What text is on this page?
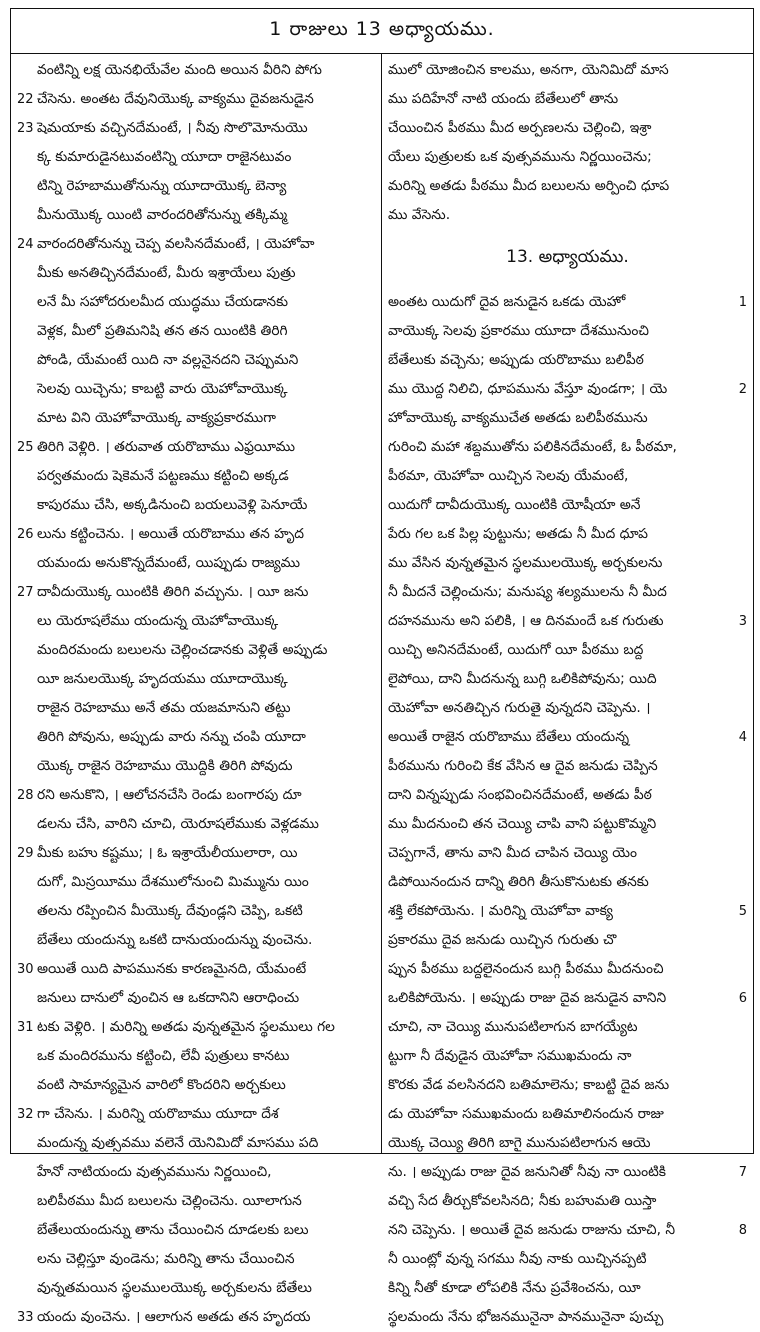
1 రాజులు 13 అధ్యాయము.
వంటిన్ని లక్ష యెనభియేవేల మంది అయిన వీరిని పోగు
22 చేసెను. అంతట దేవునియొక్క వాక్యము దైవజనుడైన
23 షెమయాకు వచ్చినదేమంటే, । నీవు సొలొమోనుయొ
క్క కుమారుడైనటువంటిన్ని యూదా రాజైనటువం
టిన్ని రెహబాముతోనున్ను యూదాయొక్క బెన్యా
మీనుయొక్క యింటి వారందరితోనున్ను తక్కిమ్మ
24 వారందరితోనున్ను చెప్ప వలసినదేమంటే, । యెహోవా
మీకు అనతిచ్చినదేమంటే, మీరు ఇశ్రాయేలు పుత్రు
లనే మీ సహోదరులమీద యుద్ధము చేయడానకు
వెళ్లక, మీలో ప్రతిమనిషి తన తన యింటికి తిరిగి
పోండి, యేమంటే యిది నా వల్లనైనదని చెప్పుమని
సెలవు యిచ్చెను; కాబట్టి వారు యెహోవాయొక్క
మాట విని యెహోవాయొక్క వాక్యప్రకారముగా
25 తిరిగి వెళ్లిరి. । తరువాత యరొబాము ఎఫ్రయీము
పర్వతమందు షెకెమనే పట్టణము కట్టించి అక్కడ
కాపురము చేసి, అక్కడినుంచి బయలువెళ్లి పెనూయే
26 లును కట్టించెను. । అయితే యరొబాము తన హృద
యమందు అనుకొన్నదేమంటే, యిప్పుడు రాజ్యము
27 దావీదుయొక్క యింటికి తిరిగి వచ్చును. । యీ జను
లు యెరూషలేము యందున్న యెహోవాయొక్క
మందిరమందు బలులను చెల్లించడానకు వెళ్లితే అప్పుడు
యీ జనులయొక్క హృదయము యూదాయొక్క
రాజైన రెహబాము అనే తమ యజమానుని తట్టు
తిరిగి పోవును, అప్పుడు వారు నన్ను చంపి యూదా
యొక్క రాజైన రెహబాము యొద్దికి తిరిగి పోవుదు
28 రని అనుకొని, । ఆలోచనచేసి రెండు బంగారపు దూ
డలను చేసి, వారిని చూచి, యెరూషలేముకు వెళ్లడము
29 మీకు బహు కష్టము; । ఓ ఇశ్రాయేలీయులారా, యి
దుగో, మిస్రయీము దేశములోనుంచి మిమ్మును యిం
తలను రప్పించిన మీయొక్క దేవుండ్లని చెప్పి, ఒకటి
బేతేలు యందున్ను ఒకటి దానుయందున్ను వుంచెను.
30 అయితే యిది పాపమునకు కారణమైనది, యేమంటే
జనులు దానులో వుంచిన ఆ ఒకదానిని ఆరాధించు
31 టకు వెళ్లిరి. । మరిన్ని అతడు వున్నతమైన స్థలములు గల
ఒక మందిరమును కట్టించి, లేవీ పుత్రులు కానటు
వంటి సామాన్యమైన వారిలో కొందరిని అర్చకులు
32 గా చేసెను. । మరిన్ని యరొబాము యూదా దేశ
మందున్న వుత్సవము వలెనే యెనిమిదో మాసము పది
హేనో నాటియందు వుత్సవమును నిర్ణయించి,
బలిపీఠము మీద బలులను చెల్లించెను. యీలాగున
బేతేలుయందున్ను తాను చేయించిన దూడలకు బలు
లను చెల్లిస్తూ వుండెను; మరిన్ని తాను చేయించిన
వున్నతమయిన స్థలములయొక్క అర్చకులను బేతేలు
33 యందు వుంచెను. । ఆలాగున అతడు తన హృదయ
ములో యోజించిన కాలము, అనగా, యెనిమిదో మాస
ము పదిహేనో నాటి యందు బేతేలులో తాను
చేయించిన పీఠము మీద అర్పణలను చెల్లించి, ఇశ్రా
యేలు పుత్రులకు ఒక వుత్సవమును నిర్ణయించెను;
మరిన్ని అతడు పీఠము మీద బలులను అర్పించి ధూప
ము వేసెను.
13. అధ్యాయము.
అంతట యిదుగో దైవ జనుడైన ఒకడు యెహో	1
వాయొక్క సెలవు ప్రకారము యూదా దేశమునుంచి
బేతేలుకు వచ్చెను; అప్పుడు యరొబాము బలిపీఠ
ము యొద్ద నిలిచి, ధూపమును వేస్తూ వుండగా; । యె	2
హోవాయొక్క వాక్యముచేత అతడు బలిపీఠమును
గురించి మహా శబ్దముతోను పలికినదేమంటే, ఓ పీఠమా,
పీఠమా, యెహోవా యిచ్చిన సెలవు యేమంటే,
యిదుగో దావీదుయొక్క యింటికి యోషీయా అనే
పేరు గల ఒక పిల్ల పుట్టును; అతడు నీ మీద ధూప
ము వేసిన వున్నతమైన స్థలములయొక్క అర్చకులను
నీ మీదనే చెల్లించును; మనుష్య శల్యములను నీ మీద
దహనమును అని పలికి, । ఆ దినమందే ఒక గురుతు	3
యిచ్చి అనినదేమంటే, యిదుగో యీ పీఠము బద్ద
లైపోయి, దాని మీదనున్న బుగ్గి ఒలికిపోవును; యిది
యెహోవా అనతిచ్చిన గురుతై వున్నదని చెప్పెను. ।
అయితే రాజైన యరొబాము బేతేలు యందున్న	4
పీఠమును గురించి కేక వేసిన ఆ దైవ జనుడు చెప్పిన
దాని విన్నప్పుడు సంభవించినదేమంటే, అతడు పీఠ
ము మీదనుంచి తన చెయ్యి చాపి వాని పట్టుకొమ్మని
చెప్పగానే, తాను వాని మీద చాపిన చెయ్యి యెం
డిపోయినందున దాన్ని తిరిగి తీసుకొనుటకు తనకు
శక్తి లేకపోయెను. । మరిన్ని యెహోవా వాక్య	5
ప్రకారము దైవ జనుడు యిచ్చిన గురుతు చొ
ప్పున పీఠము బద్దలైనందున బుగ్గి పీఠము మీదనుంచి
ఒలికిపోయెను. । అప్పుడు రాజు దైవ జనుడైన వానిని	6
చూచి, నా చెయ్యి మునుపటిలాగున బాగయ్యేట
ట్టుగా నీ దేవుడైన యెహోవా సముఖమందు నా
కొరకు వేడ వలసినదని బతిమాలెను; కాబట్టి దైవ జను
డు యెహోవా సముఖమందు బతిమాలినందున రాజు
యొక్క చెయ్యి తిరిగి బాగై మునుపటిలాగున ఆయె
ను. । అప్పుడు రాజు దైవ జనునితో నీవు నా యింటికి	7
వచ్చి సేద తీర్చుకోవలసినది; నీకు బహుమతి యిస్తా
నని చెప్పెను. । అయితే దైవ జనుడు రాజును చూచి, నీ	8
నీ యింట్లో వున్న సగము నీవు నాకు యిచ్చినప్పటి
కిన్ని నీతో కూడా లోపలికి నేను ప్రవేశించను, యీ
స్థలమందు నేను భోజనమునైనా పానమునైనా పుచ్చు
